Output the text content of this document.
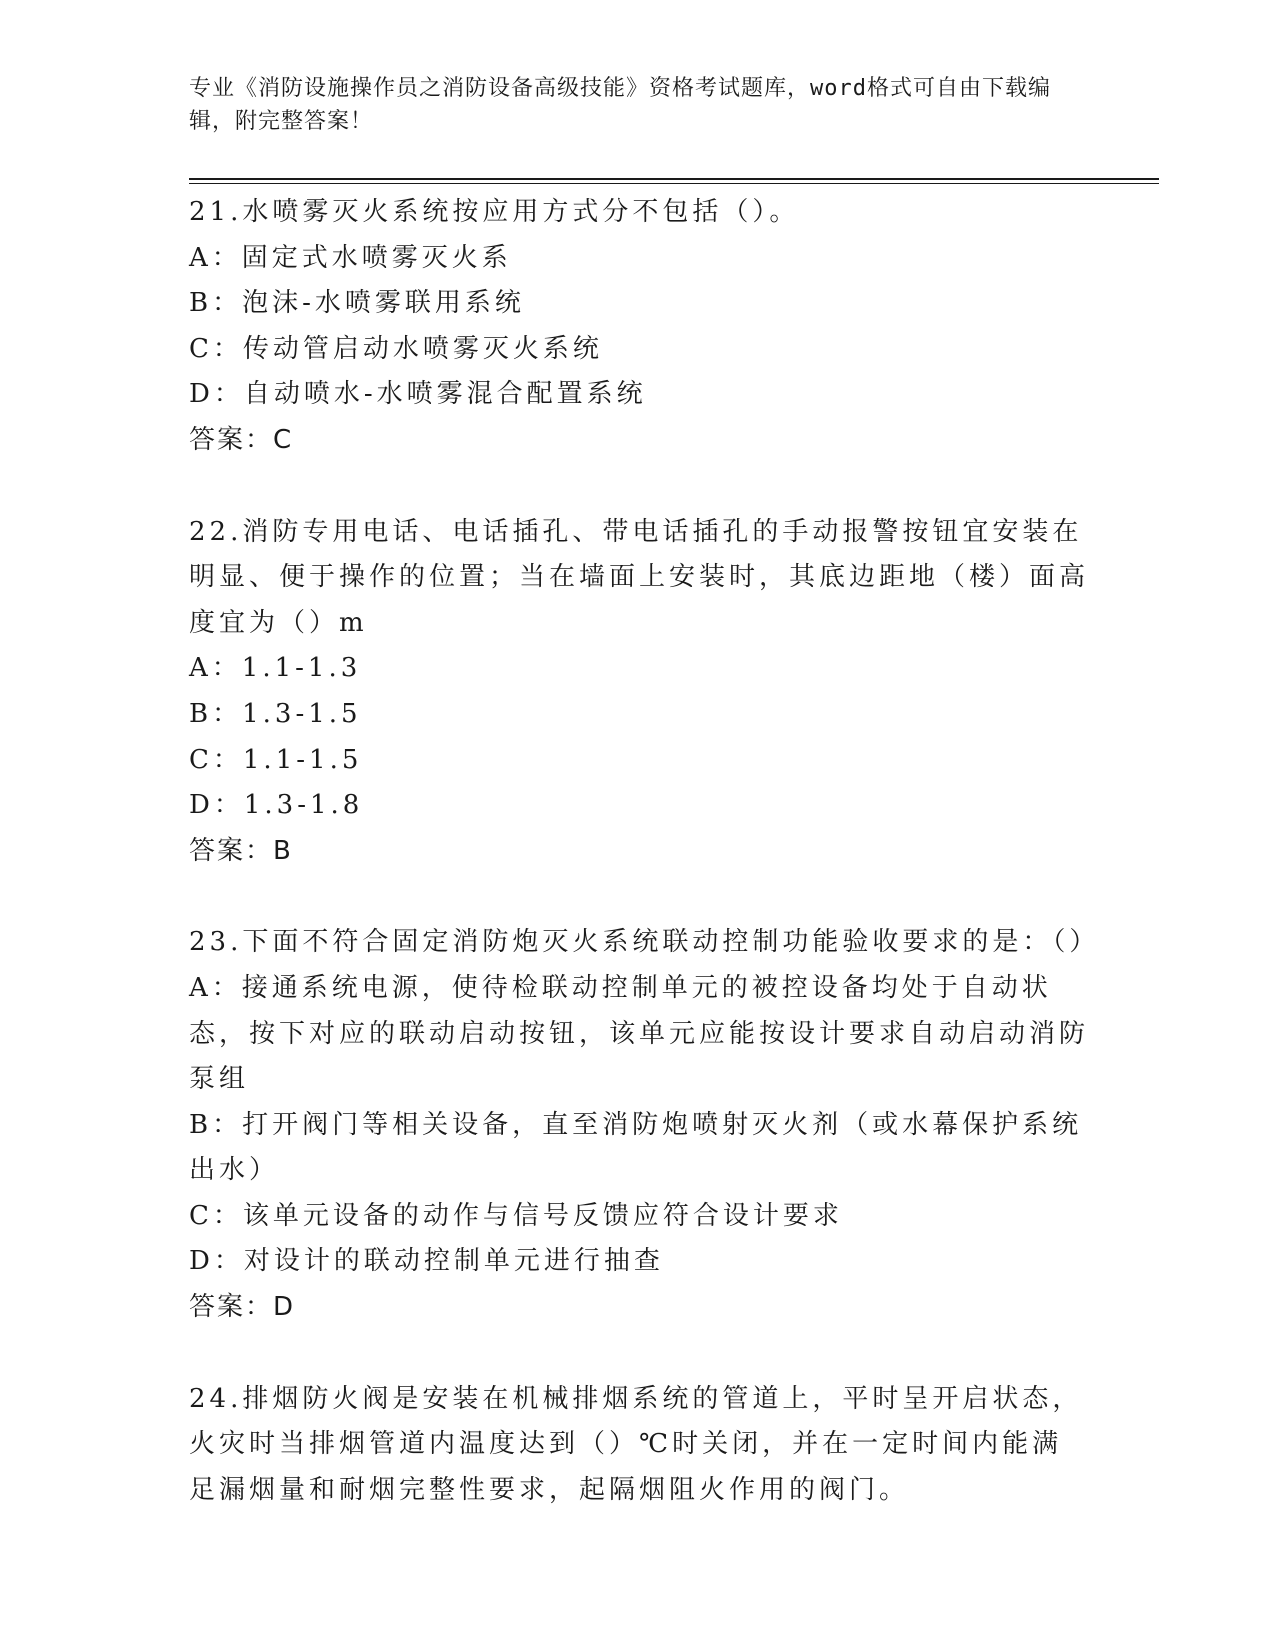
专业《消防设施操作员之消防设备高级技能》资格考试题库，word格式可自由下载编辑，附完整答案！
21.水喷雾灭火系统按应用方式分不包括（）。
A：固定式水喷雾灭火系
B：泡沫-水喷雾联用系统
C：传动管启动水喷雾灭火系统
D：自动喷水-水喷雾混合配置系统
答案：C
22.消防专用电话、电话插孔、带电话插孔的手动报警按钮宜安装在明显、便于操作的位置；当在墙面上安装时，其底边距地（楼）面高度宜为（）m
A：1.1-1.3
B：1.3-1.5
C：1.1-1.5
D：1.3-1.8
答案：B
23.下面不符合固定消防炮灭火系统联动控制功能验收要求的是：（）
A：接通系统电源，使待检联动控制单元的被控设备均处于自动状态，按下对应的联动启动按钮，该单元应能按设计要求自动启动消防泵组
B：打开阀门等相关设备，直至消防炮喷射灭火剂（或水幕保护系统出水）
C：该单元设备的动作与信号反馈应符合设计要求
D：对设计的联动控制单元进行抽查
答案：D
24.排烟防火阀是安装在机械排烟系统的管道上，平时呈开启状态，火灾时当排烟管道内温度达到（）℃时关闭，并在一定时间内能满足漏烟量和耐烟完整性要求，起隔烟阻火作用的阀门。
